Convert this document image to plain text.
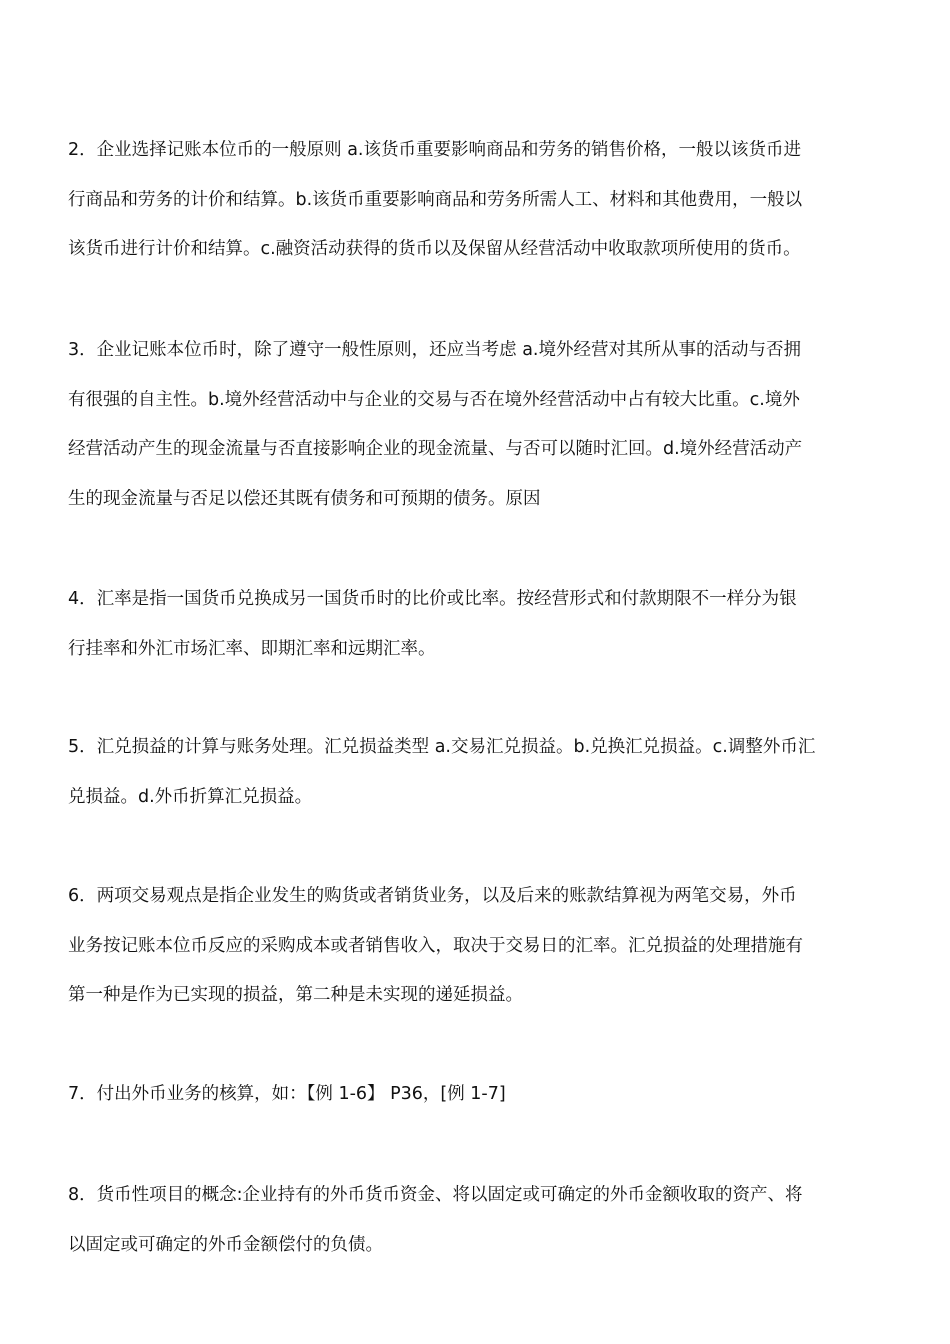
2．企业选择记账本位币的一般原则 a.该货币重要影响商品和劳务的销售价格，一般以该货币进
行商品和劳务的计价和结算。b.该货币重要影响商品和劳务所需人工、材料和其他费用，一般以
该货币进行计价和结算。c.融资活动获得的货币以及保留从经营活动中收取款项所使用的货币。

3．企业记账本位币时，除了遵守一般性原则，还应当考虑 a.境外经营对其所从事的活动与否拥
有很强的自主性。b.境外经营活动中与企业的交易与否在境外经营活动中占有较大比重。c.境外
经营活动产生的现金流量与否直接影响企业的现金流量、与否可以随时汇回。d.境外经营活动产
生的现金流量与否足以偿还其既有债务和可预期的债务。原因

4．汇率是指一国货币兑换成另一国货币时的比价或比率。按经营形式和付款期限不一样分为银
行挂率和外汇市场汇率、即期汇率和远期汇率。

5．汇兑损益的计算与账务处理。汇兑损益类型 a.交易汇兑损益。b.兑换汇兑损益。c.调整外币汇
兑损益。d.外币折算汇兑损益。

6．两项交易观点是指企业发生的购货或者销货业务，以及后来的账款结算视为两笔交易，外币
业务按记账本位币反应的采购成本或者销售收入，取决于交易日的汇率。汇兑损益的处理措施有
第一种是作为已实现的损益，第二种是未实现的递延损益。

7．付出外币业务的核算，如：【例 1-6】 P36，[例 1-7]

8．货币性项目的概念:企业持有的外币货币资金、将以固定或可确定的外币金额收取的资产、将
以固定或可确定的外币金额偿付的负债。
